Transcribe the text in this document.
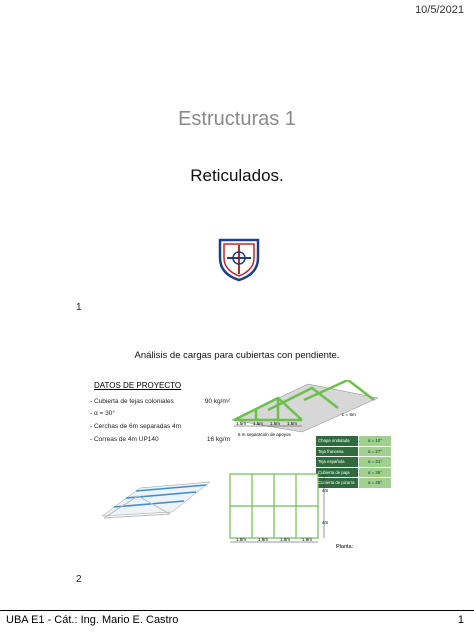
10/5/2021
Estructuras 1
Reticulados.
1
Análisis de cargas para cubiertas con pendiente.
DATOS DE PROYECTO
- Cubierta de tejas coloniales	90 kg/m²
- α = 30°
- Cerchas de 6m separadas 4m
- Correas de 4m UP140	16 kg/m
1.5m 1.5m 1.5m 1.5m
6 m separación de apoyos
L = 6m
Chapa ondulada	α = 10°
Teja francesa	α = 27°
Teja española	α = 31°
Cubierta de paja	α = 35°
Cubierta de pizarra	α = 45°
4m
4m
1.8m	1.8m	1.8m	1.8m
Planta:
2
UBA E1 - Cát.: Ing. Mario E. Castro	1
